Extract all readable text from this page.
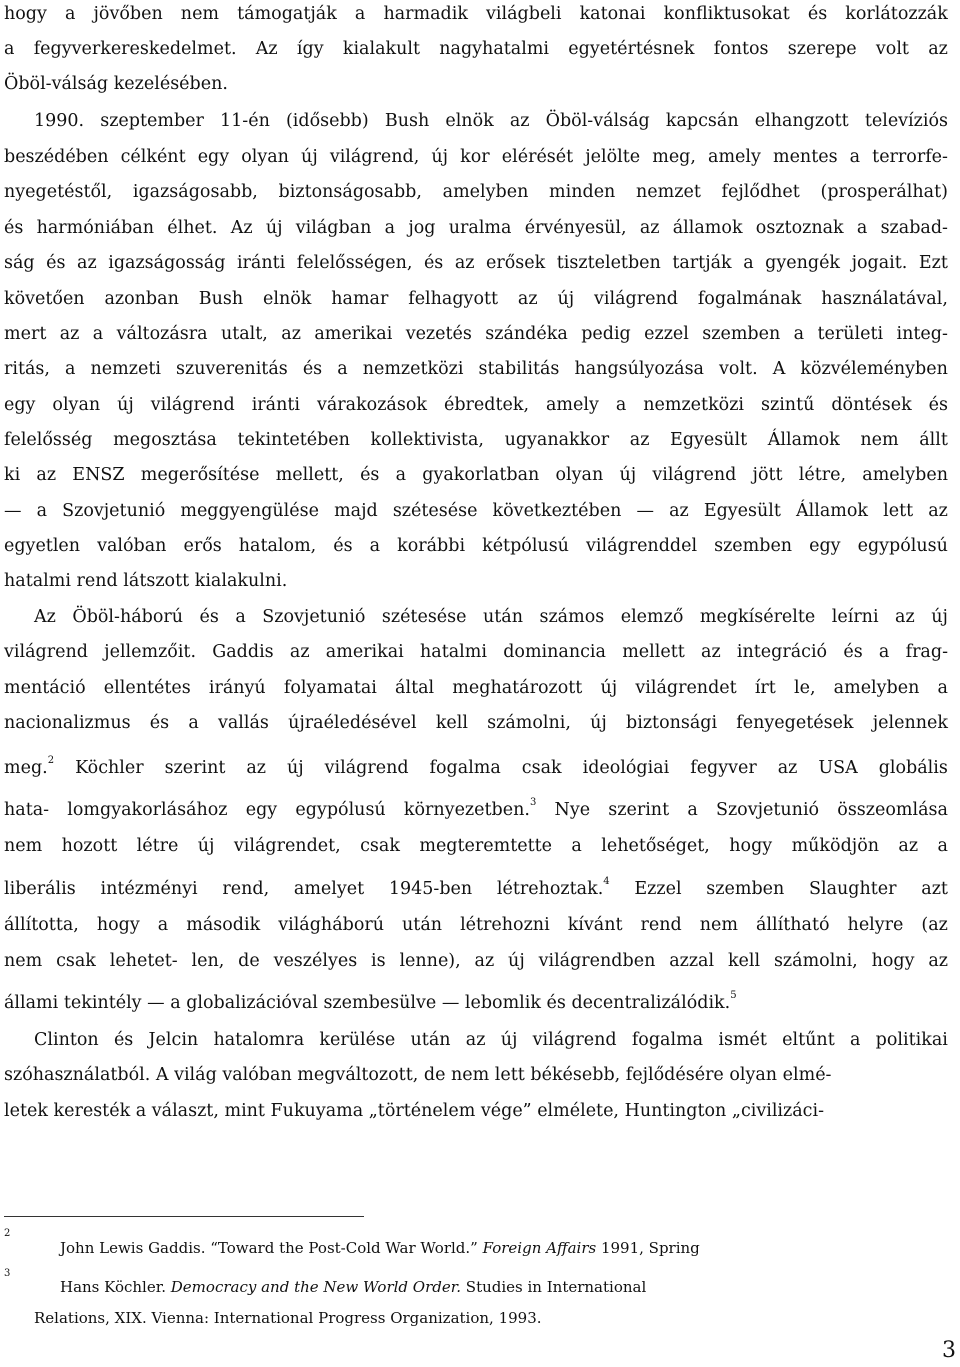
hogy a jövőben nem támogatják a harmadik világbeli katonai konfliktusokat és korlátozzák
a fegyverkereskedelmet. Az így kialakult nagyhatalmi egyetértésnek fontos szerepe volt az
Öböl-válság kezelésében.
1990. szeptember 11-én (idősebb) Bush elnök az Öböl-válság kapcsán elhangzott televíziós
beszédében célként egy olyan új világrend, új kor elérését jelölte meg, amely mentes a terrorfe-
nyegetéstől, igazságosabb, biztonságosabb, amelyben minden nemzet fejlődhet (prosperálhat)
és harmóniában élhet. Az új világban a jog uralma érvényesül, az államok osztoznak a szabad-
ság és az igazságosság iránti felelősségen, és az erősek tiszteletben tartják a gyengék jogait. Ezt
követően azonban Bush elnök hamar felhagyott az új világrend fogalmának használatával,
mert az a változásra utalt, az amerikai vezetés szándéka pedig ezzel szemben a területi integ-
ritás, a nemzeti szuverenitás és a nemzetközi stabilitás hangsúlyozása volt. A közvéleményben
egy olyan új világrend iránti várakozások ébredtek, amely a nemzetközi szintű döntések és
felelősség megosztása tekintetében kollektivista, ugyanakkor az Egyesült Államok nem állt
ki az ENSZ megerősítése mellett, és a gyakorlatban olyan új világrend jött létre, amelyben
— a Szovjetunió meggyengülése majd szétesése következtében — az Egyesült Államok lett az
egyetlen valóban erős hatalom, és a korábbi kétpólusú világrenddel szemben egy egypólusú
hatalmi rend látszott kialakulni.
Az Öböl-háború és a Szovjetunió szétesése után számos elemző megkísérelte leírni az új
világrend jellemzőit. Gaddis az amerikai hatalmi dominancia mellett az integráció és a frag-
mentáció ellentétes irányú folyamatai által meghatározott új világrendet írt le, amelyben a
nacionalizmus és a vallás újraéledésével kell számolni, új biztonsági fenyegetések jelennek
meg.$^2$ Köchler szerint az új világrend fogalma csak ideológiai fegyver az USA globális
hata- lomgyakorlásához egy egypólusú környezetben.$^3$ Nye szerint a Szovjetunió összeomlása
nem hozott létre új világrendet, csak megteremtette a lehetőséget, hogy működjön az a
liberális intézményi rend, amelyet 1945-ben létrehoztak.$^4$ Ezzel szemben Slaughter azt
állította, hogy a második világháború után létrehozni kívánt rend nem állítható helyre (az
nem csak lehetet- len, de veszélyes is lenne), az új világrendben azzal kell számolni, hogy az
állami tekintély — a globalizációval szembesülve — lebomlik és decentralizálódik.$^5$
Clinton és Jelcin hatalomra kerülése után az új világrend fogalma ismét eltűnt a politikai
szóhasználatból. A világ valóban megváltozott, de nem lett békésebb, fejlődésére olyan elmé-
letek keresték a választ, mint Fukuyama „történelem vége” elmélete, Huntington „civilizáci-
2
John Lewis Gaddis. “Toward the Post-Cold War World.” Foreign Affairs 1991, Spring
3
Hans Köchler. Democracy and the New World Order. Studies in International
Relations, XIX. Vienna: International Progress Organization, 1993.
3
